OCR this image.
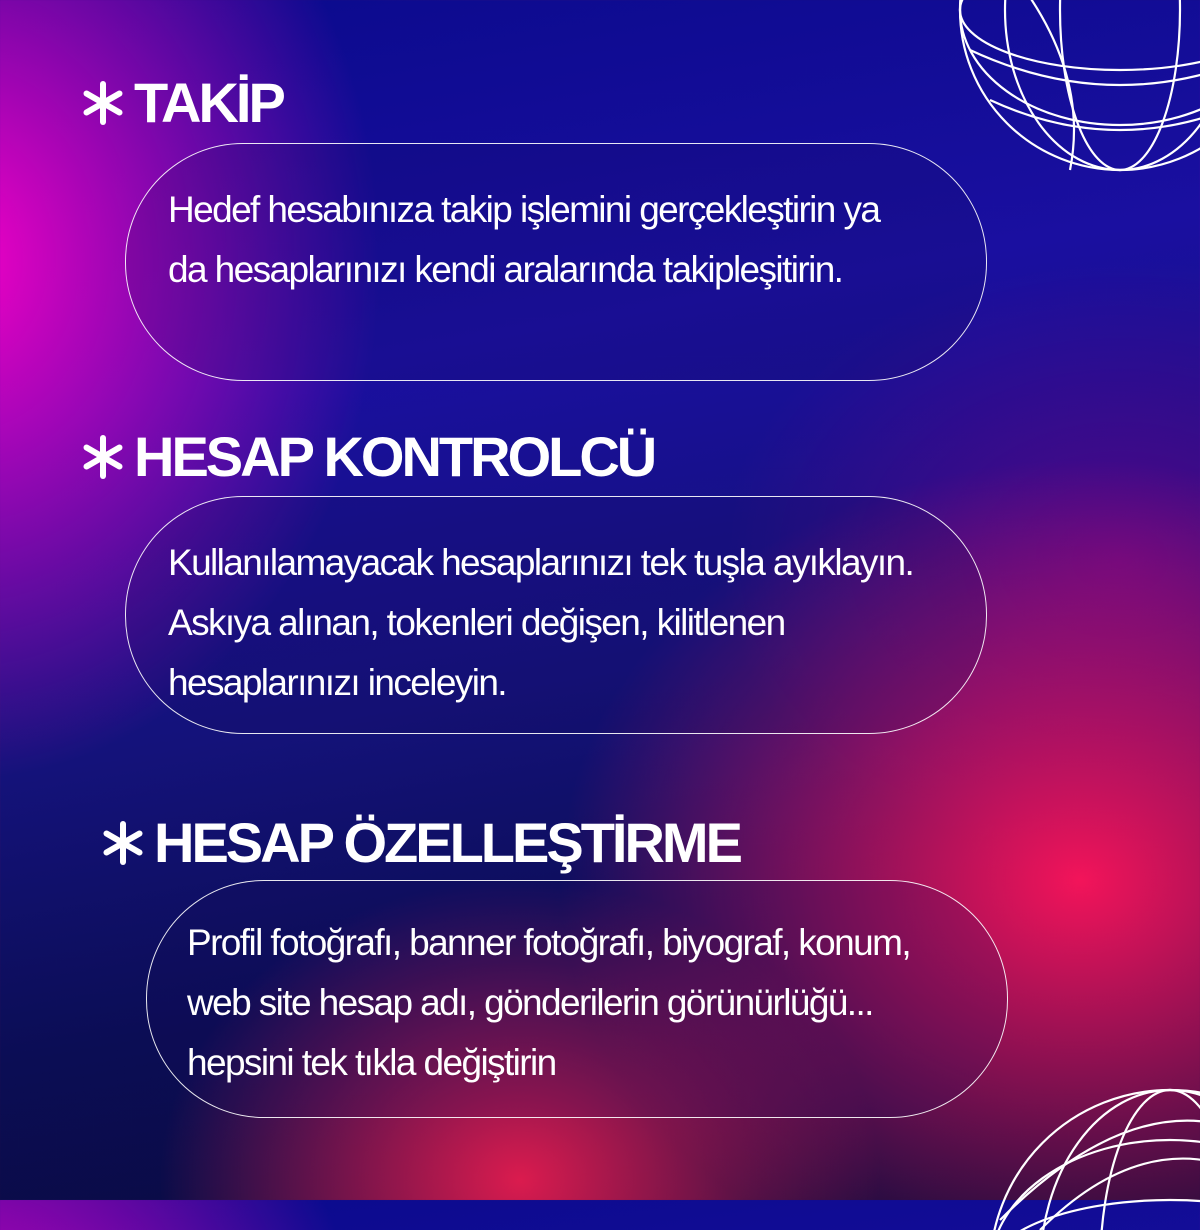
TAKİP

Hedef hesabınıza takip işlemini gerçekleştirin ya da hesaplarınızı kendi aralarında takipleşitirin.

HESAP KONTROLCÜ

Kullanılamayacak hesaplarınızı tek tuşla ayıklayın. Askıya alınan, tokenleri değişen, kilitlenen hesaplarınızı inceleyin.

HESAP ÖZELLEŞTİRME

Profil fotoğrafı, banner fotoğrafı, biyograf, konum, web site hesap adı, gönderilerin görünürlüğü... hepsini tek tıkla değiştirin
